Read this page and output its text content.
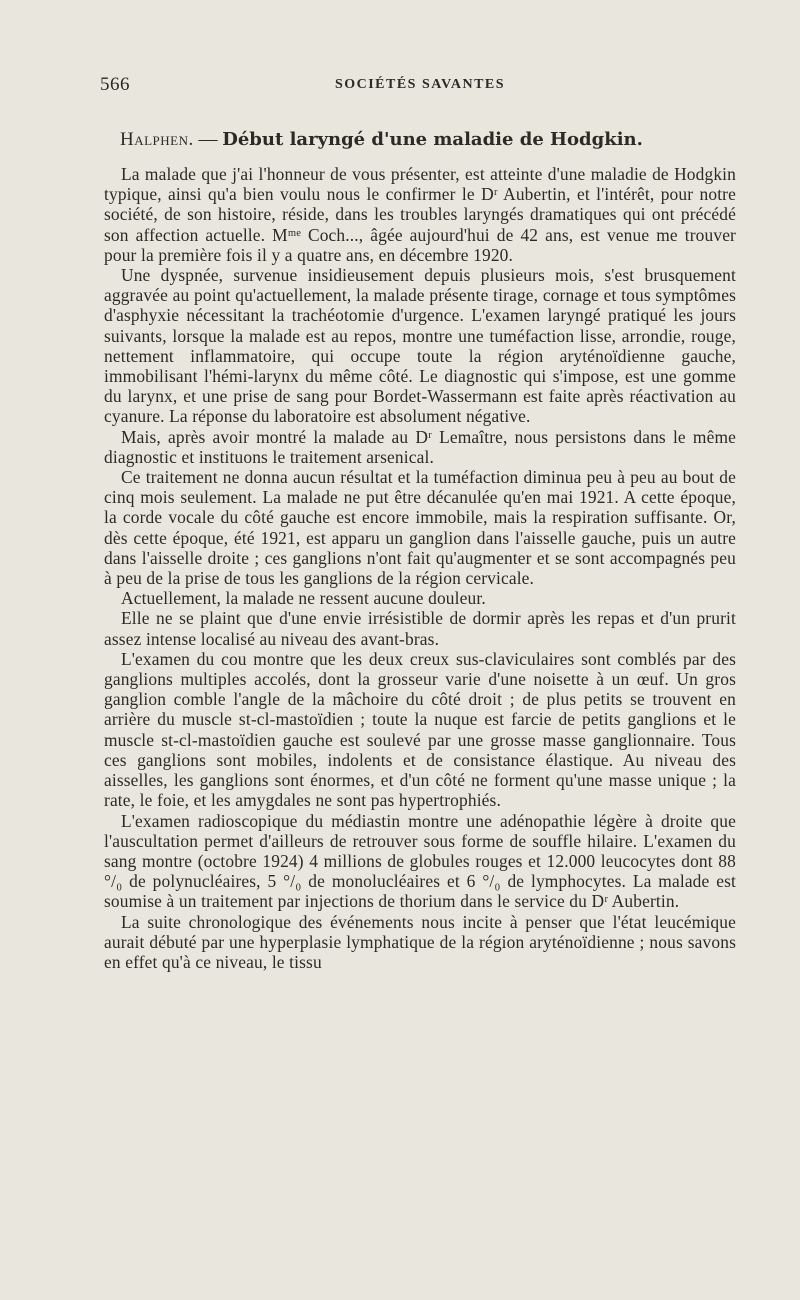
566	SOCIÉTÉS SAVANTES
Halphen. — Début laryngé d'une maladie de Hodgkin.

La malade que j'ai l'honneur de vous présenter, est atteinte d'une maladie de Hodgkin typique, ainsi qu'a bien voulu nous le confirmer le Dʳ Aubertin, et l'intérêt, pour notre société, de son histoire, réside, dans les troubles laryngés dramatiques qui ont précédé son affection actuelle. Mᵐᵉ Coch..., âgée aujourd'hui de 42 ans, est venue me trouver pour la première fois il y a quatre ans, en décembre 1920.

Une dyspnée, survenue insidieusement depuis plusieurs mois, s'est brusquement aggravée au point qu'actuellement, la malade présente tirage, cornage et tous symptômes d'asphyxie nécessitant la trachéotomie d'urgence. L'examen laryngé pratiqué les jours suivants, lorsque la malade est au repos, montre une tuméfaction lisse, arrondie, rouge, nettement inflammatoire, qui occupe toute la région aryténoïdienne gauche, immobilisant l'hémi-larynx du même côté. Le diagnostic qui s'impose, est une gomme du larynx, et une prise de sang pour Bordet-Wassermann est faite après réactivation au cyanure. La réponse du laboratoire est absolument négative.

Mais, après avoir montré la malade au Dʳ Lemaître, nous persistons dans le même diagnostic et instituons le traitement arsenical.

Ce traitement ne donna aucun résultat et la tuméfaction diminua peu à peu au bout de cinq mois seulement. La malade ne put être décanulée qu'en mai 1921. A cette époque, la corde vocale du côté gauche est encore immobile, mais la respiration suffisante. Or, dès cette époque, été 1921, est apparu un ganglion dans l'aisselle gauche, puis un autre dans l'aisselle droite ; ces ganglions n'ont fait qu'augmenter et se sont accompagnés peu à peu de la prise de tous les ganglions de la région cervicale.

Actuellement, la malade ne ressent aucune douleur.

Elle ne se plaint que d'une envie irrésistible de dormir après les repas et d'un prurit assez intense localisé au niveau des avant-bras.

L'examen du cou montre que les deux creux sus-claviculaires sont comblés par des ganglions multiples accolés, dont la grosseur varie d'une noisette à un œuf. Un gros ganglion comble l'angle de la mâchoire du côté droit ; de plus petits se trouvent en arrière du muscle st-cl-mastoïdien ; toute la nuque est farcie de petits ganglions et le muscle st-cl-mastoïdien gauche est soulevé par une grosse masse ganglionnaire. Tous ces ganglions sont mobiles, indolents et de consistance élastique. Au niveau des aisselles, les ganglions sont énormes, et d'un côté ne forment qu'une masse unique ; la rate, le foie, et les amygdales ne sont pas hypertrophiés.

L'examen radioscopique du médiastin montre une adénopathie légère à droite que l'auscultation permet d'ailleurs de retrouver sous forme de souffle hilaire. L'examen du sang montre (octobre 1924) 4 millions de globules rouges et 12.000 leucocytes dont 88 °/₀ de polynucléaires, 5 °/₀ de monolucléaires et 6 °/₀ de lymphocytes. La malade est soumise à un traitement par injections de thorium dans le service du Dʳ Aubertin.

La suite chronologique des événements nous incite à penser que l'état leucémique aurait débuté par une hyperplasie lymphatique de la région aryténoïdienne ; nous savons en effet qu'à ce niveau, le tissu
